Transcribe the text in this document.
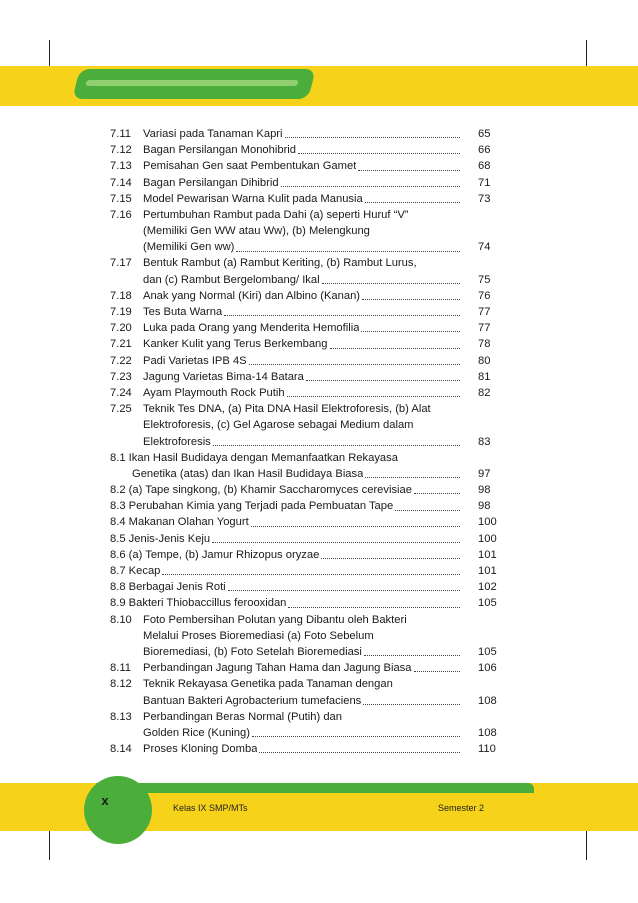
7.11	Variasi pada Tanaman Kapri	65
7.12	Bagan Persilangan Monohibrid	66
7.13	Pemisahan Gen saat Pembentukan Gamet	68
7.14	Bagan Persilangan Dihibrid	71
7.15	Model Pewarisan Warna Kulit pada Manusia	73
7.16	Pertumbuhan Rambut pada Dahi (a) seperti Huruf “V”
(Memiliki Gen WW atau Ww), (b) Melengkung
(Memiliki Gen ww)	74
7.17	Bentuk Rambut (a) Rambut Keriting, (b) Rambut Lurus,
dan (c) Rambut Bergelombang/ Ikal	75
7.18	Anak yang Normal (Kiri) dan Albino (Kanan)	76
7.19	Tes Buta Warna	77
7.20	Luka pada Orang yang Menderita Hemofilia	77
7.21	Kanker Kulit yang Terus Berkembang	78
7.22	Padi Varietas IPB 4S	80
7.23	Jagung Varietas Bima-14 Batara	81
7.24	Ayam Playmouth Rock Putih	82
7.25	Teknik Tes DNA, (a) Pita DNA Hasil Elektroforesis, (b) Alat
Elektroforesis, (c) Gel Agarose sebagai Medium dalam
Elektroforesis	83
8.1 Ikan Hasil Budidaya dengan Memanfaatkan Rekayasa
Genetika (atas) dan Ikan Hasil Budidaya Biasa	97
8.2 (a) Tape singkong, (b) Khamir Saccharomyces cerevisiae	98
8.3 Perubahan Kimia yang Terjadi pada Pembuatan Tape	98
8.4 Makanan Olahan Yogurt	100
8.5 Jenis-Jenis Keju	100
8.6 (a) Tempe, (b) Jamur Rhizopus oryzae	101
8.7 Kecap	101
8.8 Berbagai Jenis Roti	102
8.9 Bakteri Thiobaccillus ferooxidan	105
8.10	Foto Pembersihan Polutan yang Dibantu oleh Bakteri
Melalui Proses Bioremediasi (a) Foto Sebelum
Bioremediasi, (b) Foto Setelah Bioremediasi	105
8.11	Perbandingan Jagung Tahan Hama dan Jagung Biasa	106
8.12	Teknik Rekayasa Genetika pada Tanaman dengan
Bantuan Bakteri Agrobacterium tumefaciens	108
8.13	Perbandingan Beras Normal (Putih) dan
Golden Rice (Kuning)	108
8.14	Proses Kloning Domba	110
x
Kelas IX SMP/MTs	Semester 2
